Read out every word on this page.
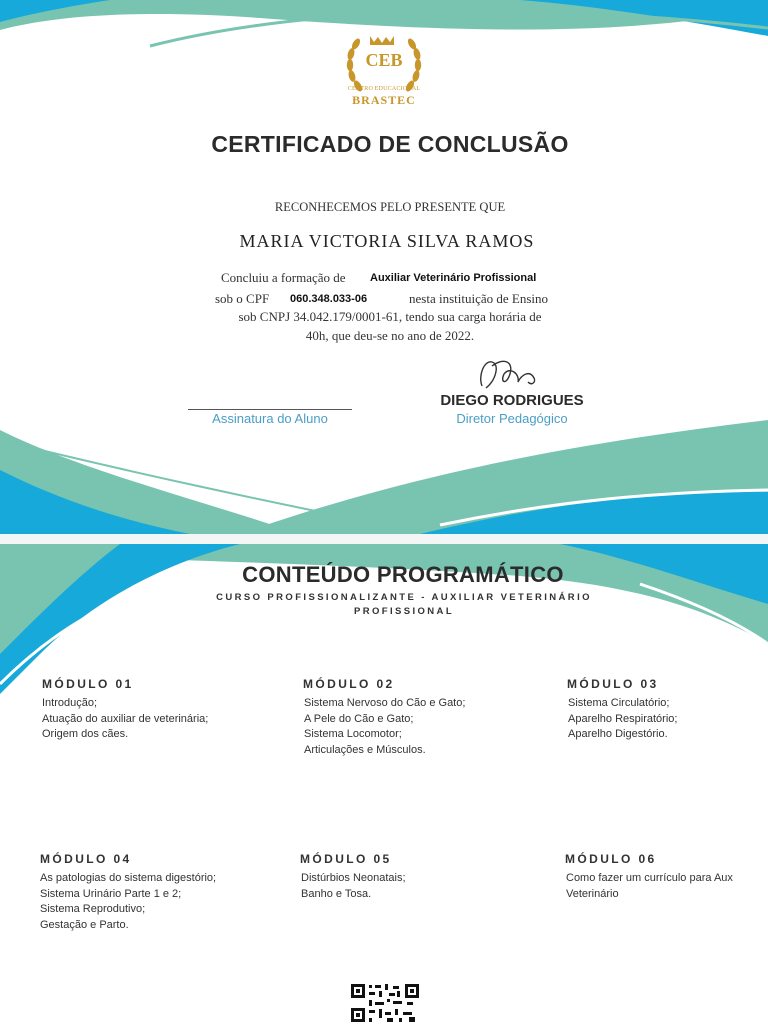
CEB
CENTRO EDUCACIONAL
BRASTEC
CERTIFICADO DE CONCLUSÃO
RECONHECEMOS PELO PRESENTE QUE
MARIA VICTORIA SILVA RAMOS
Concluiu a formação de Auxiliar Veterinário Profissional
sob o CPF 060.348.033-06	nesta instituição de Ensino
sob CNPJ 34.042.179/0001-61, tendo sua carga horária de
40h, que deu-se no ano de 2022.
Assinatura do Aluno
DIEGO RODRIGUES
Diretor Pedagógico
CONTEÚDO PROGRAMÁTICO
CURSO PROFISSIONALIZANTE - AUXILIAR VETERINÁRIO PROFISSIONAL
MÓDULO 01
Introdução;
Atuação do auxiliar de veterinária;
Origem dos cães.
MÓDULO 02
Sistema Nervoso do Cão e Gato;
A Pele do Cão e Gato;
Sistema Locomotor;
Articulações e Músculos.
MÓDULO 03
Sistema Circulatório;
Aparelho Respiratório;
Aparelho Digestório.
MÓDULO 04
As patologias do sistema digestório;
Sistema Urinário Parte 1 e 2;
Sistema Reprodutivo;
Gestação e Parto.
MÓDULO 05
Distúrbios Neonatais;
Banho e Tosa.
MÓDULO 06
Como fazer um currículo para Aux
Veterinário
